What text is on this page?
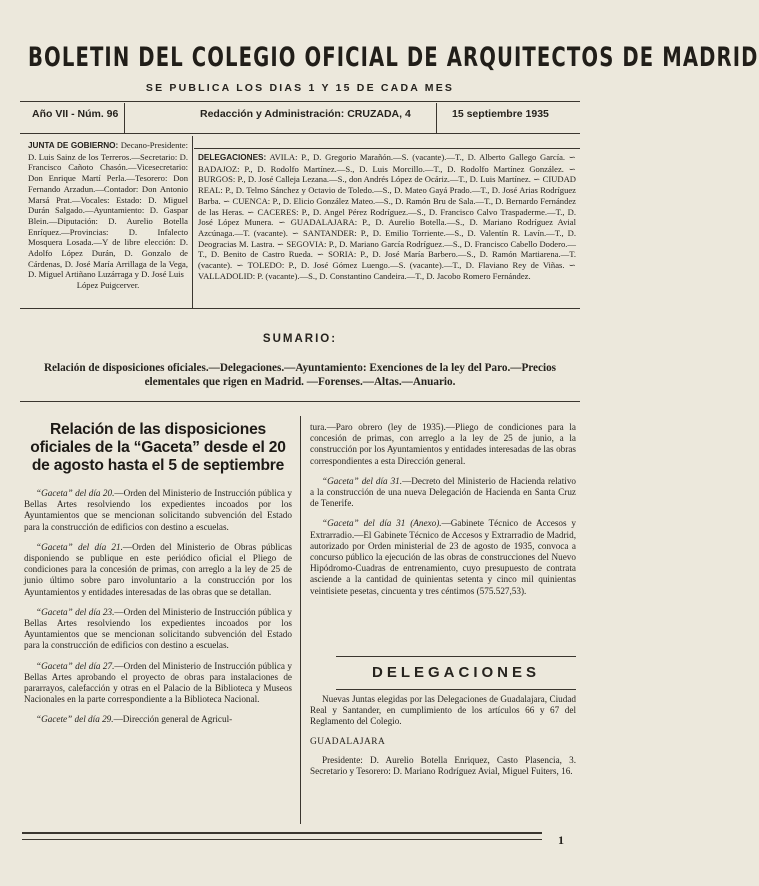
BOLETIN DEL COLEGIO OFICIAL DE ARQUITECTOS DE MADRID
SE PUBLICA LOS DIAS 1 Y 15 DE CADA MES
Año VII - Núm. 96	Redacción y Administración: CRUZADA, 4	15 septiembre 1935
JUNTA DE GOBIERNO: Decano-Presidente: D. Luis Sainz de los Terreros.—Secretario: D. Francisco Cañoto Chasón.—Vicesecretario: Don Enrique Martí Perla.—Tesorero: Don Fernando Arzadun.—Contador: Don Antonio Marsá Prat.—Vocales: Estado: D. Miguel Durán Salgado.—Ayuntamiento: D. Gaspar Blein.—Diputación: D. Aurelio Botella Enríquez.—Provincias: D. Infalecto Mosquera Losada.—Y de libre elección: D. Adolfo López Durán, D. Gonzalo de Cárdenas, D. José María Arrillaga de la Vega, D. Miguel Artiñano Luzárraga y D. José Luis
López Puigcerver.
DELEGACIONES: AVILA: P., D. Gregorio Marañón.—S. (vacante).—T., D. Alberto Gallego García. ∽ BADAJOZ: P., D. Rodolfo Martínez.—S., D. Luis Morcillo.—T., D. Rodolfo Martínez González. ∽ BURGOS: P., D. José Calleja Lezana.—S., don Andrés López de Ocáriz.—T., D. Luis Martínez. ∽ CIUDAD REAL: P., D. Telmo Sánchez y Octavio de Toledo.—S., D. Mateo Gayá Prado.—T., D. José Arias Rodríguez Barba. ∽ CUENCA: P., D. Elicio González Mateo.—S., D. Ramón Bru de Sala.—T., D. Bernardo Fernández de las Heras. ∽ CACERES: P., D. Angel Pérez Rodríguez.—S., D. Francisco Calvo Traspaderme.—T., D. José López Munera. ∽ GUADALAJARA: P., D. Aurelio Botella.—S., D. Mariano Rodríguez Avial Azcúnaga.—T. (vacante). ∽ SANTANDER: P., D. Emilio Torriente.—S., D. Valentín R. Lavín.—T., D. Deogracias M. Lastra. ∽ SEGOVIA: P., D. Mariano García Rodríguez.—S., D. Francisco Cabello Dodero.—T., D. Benito de Castro Rueda. ∽ SORIA: P., D. José María Barbero.—S., D. Ramón Martiarena.—T. (vacante). ∽ TOLEDO: P., D. José Gómez Luengo.—S. (vacante).—T., D. Flaviano Rey de Viñas. ∽ VALLADOLID: P. (vacante).—S., D. Constantino Candeira.—T., D. Jacobo Romero Fernández.
SUMARIO:
Relación de disposiciones oficiales.—Delegaciones.—Ayuntamiento: Exenciones de la ley del Paro.—Precios elementales que rigen en Madrid. —Forenses.—Altas.—Anuario.
Relación de las disposiciones oficiales de la “Gaceta” desde el 20 de agosto hasta el 5 de septiembre

“Gaceta” del día 20.—Orden del Ministerio de Instrucción pública y Bellas Artes resolviendo los expedientes incoados por los Ayuntamientos que se mencionan solicitando subvención del Estado para la construcción de edificios con destino a escuelas.

“Gaceta” del día 21.—Orden del Ministerio de Obras públicas disponiendo se publique en este periódico oficial el Pliego de condiciones para la concesión de primas, con arreglo a la ley de 25 de junio último sobre paro involuntario a la construcción por los Ayuntamientos y entidades interesadas de las obras que se detallan.

“Gaceta” del día 23.—Orden del Ministerio de Instrucción pública y Bellas Artes resolviendo los expedientes incoados por los Ayuntamientos que se mencionan solicitando subvención del Estado para la construcción de edificios con destino a escuelas.

“Gaceta” del día 27.—Orden del Ministerio de Instrucción pública y Bellas Artes aprobando el proyecto de obras para instalaciones de pararrayos, calefacción y otras en el Palacio de la Biblioteca y Museos Nacionales en la parte correspondiente a la Biblioteca Nacional.

“Gacete” del día 29.—Dirección general de Agricul-

tura.—Paro obrero (ley de 1935).—Pliego de condiciones para la concesión de primas, con arreglo a la ley de 25 de junio, a la construcción por los Ayuntamientos y entidades interesadas de las obras correspondientes a esta Dirección general.

“Gaceta” del día 31.—Decreto del Ministerio de Hacienda relativo a la construcción de una nueva Delegación de Hacienda en Santa Cruz de Tenerife.

“Gaceta” del día 31 (Anexo).—Gabinete Técnico de Accesos y Extrarradio.—El Gabinete Técnico de Accesos y Extrarradio de Madrid, autorizado por Orden ministerial de 23 de agosto de 1935, convoca a concurso público la ejecución de las obras de construcciones del Nuevo Hipódromo-Cuadras de entrenamiento, cuyo presupuesto de contrata asciende a la cantidad de quinientas setenta y cinco mil quinientas veintisiete pesetas, cincuenta y tres céntimos (575.527,53).

DELEGACIONES

Nuevas Juntas elegidas por las Delegaciones de Guadalajara, Ciudad Real y Santander, en cumplimiento de los artículos 66 y 67 del Reglamento del Colegio.

GUADALAJARA

Presidente: D. Aurelio Botella Enriquez, Casto Plasencia, 3. Secretario y Tesorero: D. Mariano Rodríguez Avial, Miguel Fuiters, 16.

1
